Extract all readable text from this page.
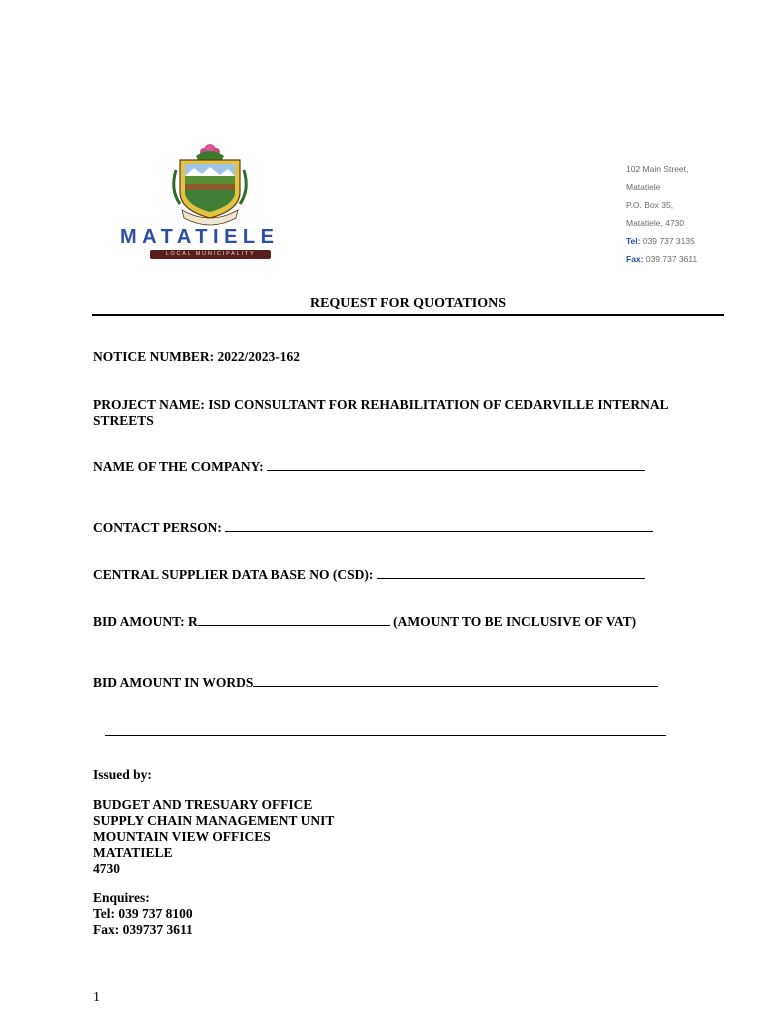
MATATIELE
LOCAL MUNICIPALITY
102 Main Street,
Matatiele
P.O. Box 35,
Matatiele, 4730
Tel: 039 737 3135
Fax: 039 737 3611
REQUEST FOR QUOTATIONS
NOTICE NUMBER: 2022/2023-162
PROJECT NAME: ISD CONSULTANT FOR REHABILITATION OF CEDARVILLE INTERNAL STREETS
NAME OF THE COMPANY:
CONTACT PERSON:
CENTRAL SUPPLIER DATA BASE NO (CSD):
BID AMOUNT: R	(AMOUNT TO BE INCLUSIVE OF VAT)
BID AMOUNT IN WORDS
Issued by:

BUDGET AND TRESUARY OFFICE

SUPPLY CHAIN MANAGEMENT UNIT

MOUNTAIN VIEW OFFICES

MATATIELE

4730

Enquires:

Tel: 039 737 8100

Fax: 039737 3611

1
